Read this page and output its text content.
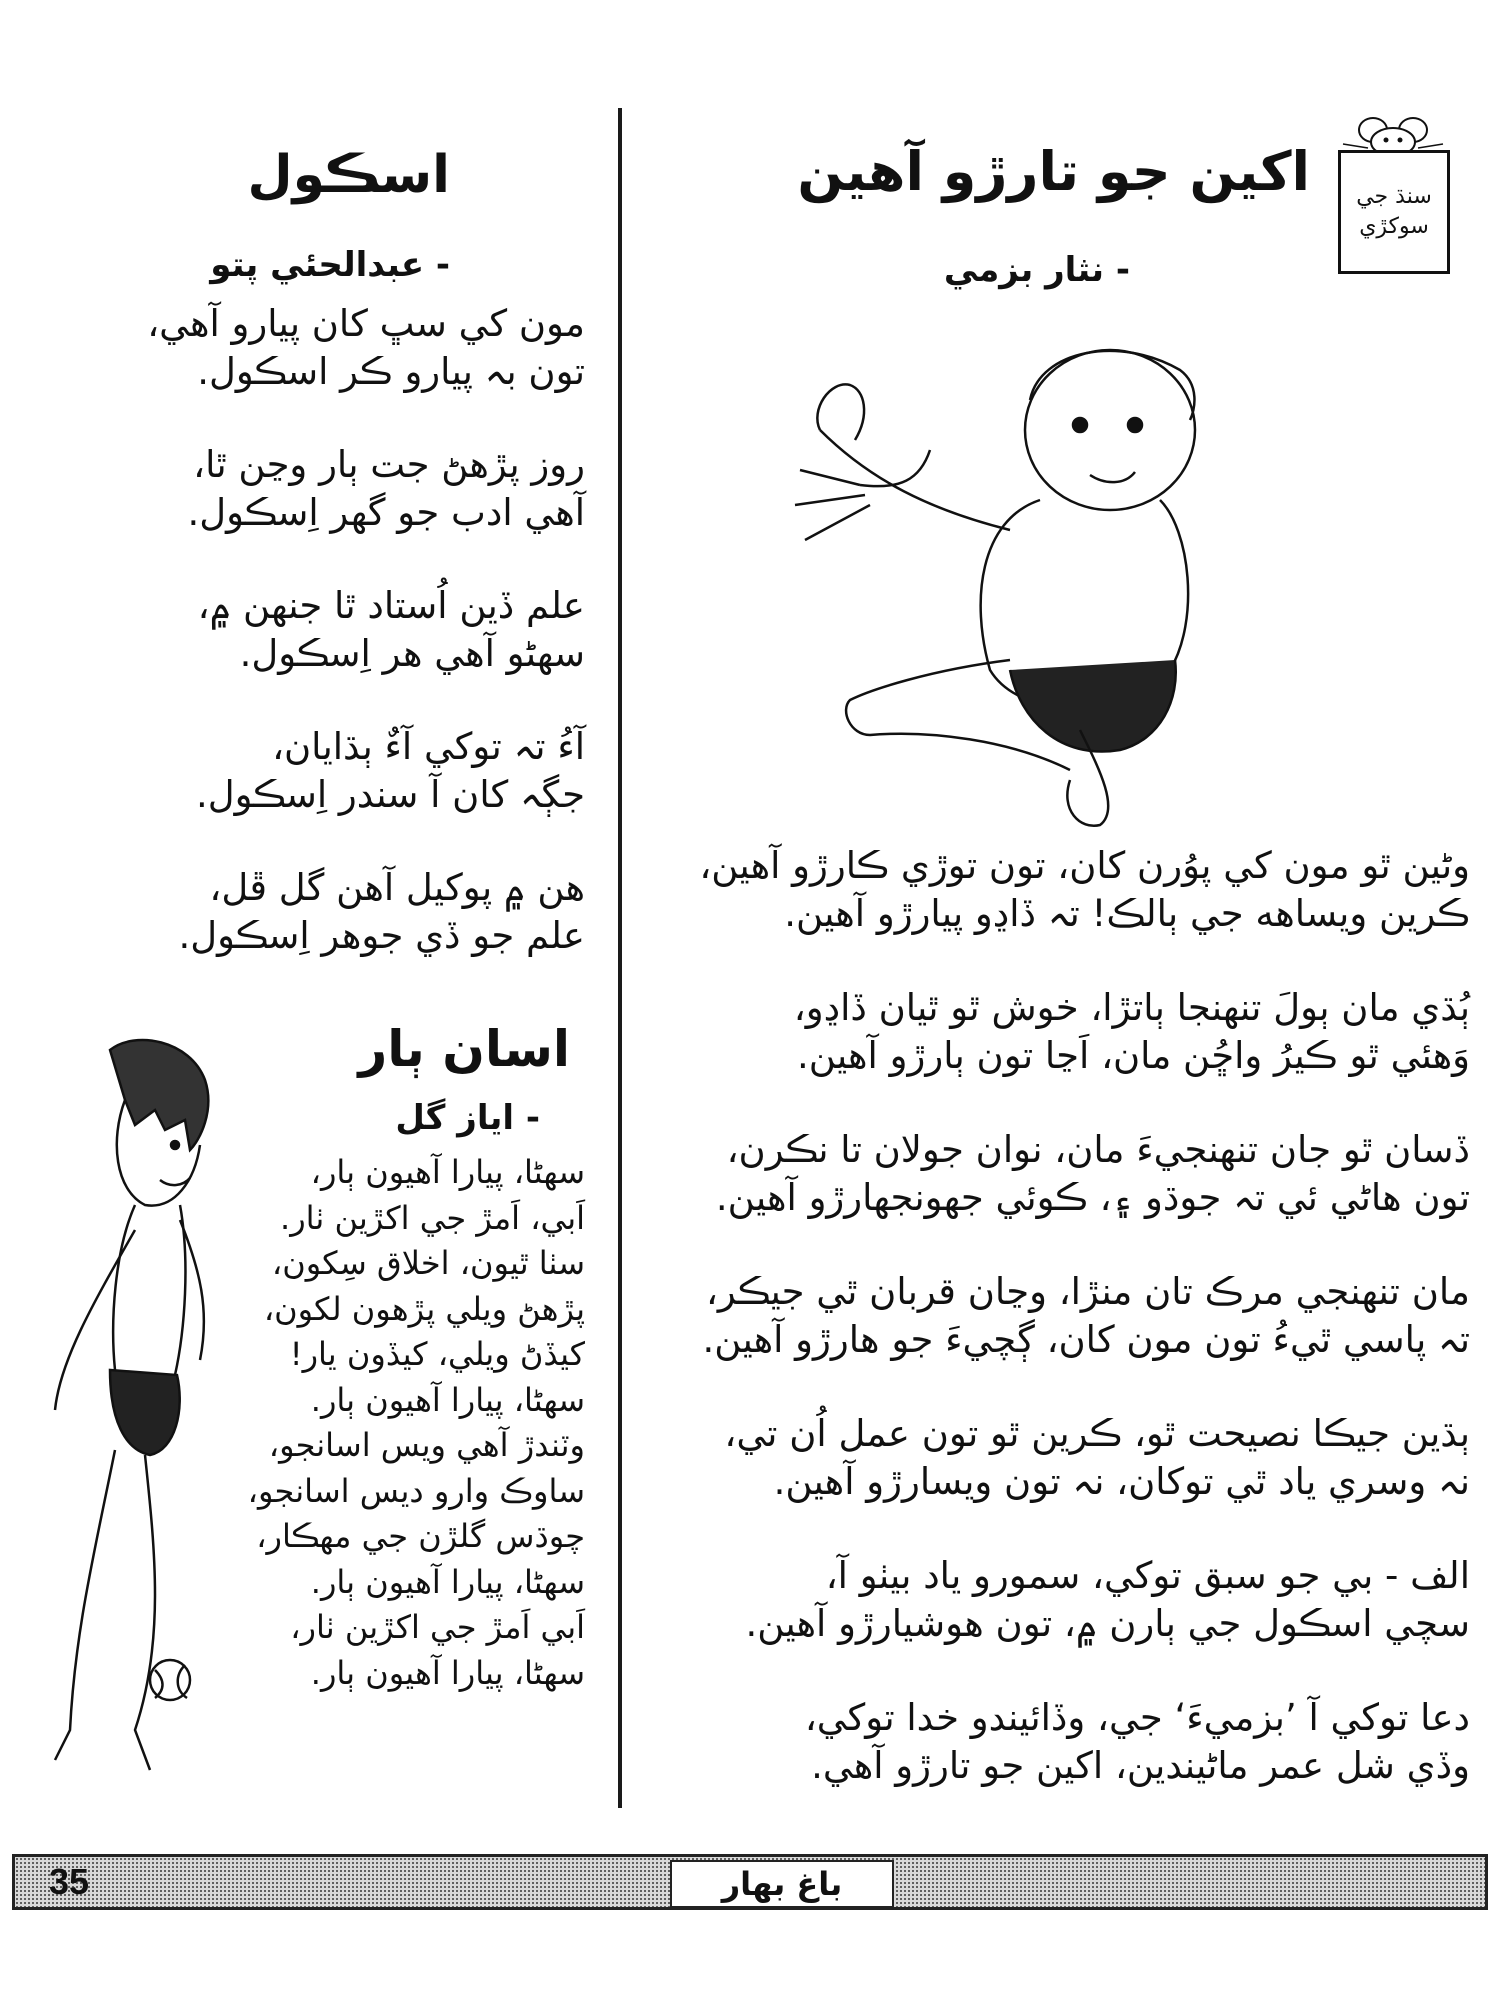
سنڌ جي
سوکڙي
اکين جو تارڙو آهين
- نثار بزمي
وڻين ٿو مون کي پوُرن کان، تون توڙي ڪارڙو آهين،
ڪرين ويساهه جي ٻالڪ! تہ ڏاڍو پيارڙو آهين.
ٻُڌي مان ٻولَ تنهنجا ٻاتڙا، خوش ٿو ٿيان ڏاڍو،
وَهئي ٿو ڪيرُ واڇُن مان، اَڃا تون ٻارڙو آهين.
ڏسان ٿو جان تنهنجيءَ مان، نوان جولان تا نڪرن،
تون هاڻي ئي تہ جوڌو ۽، ڪوئي جهونجهارڙو آهين.
مان تنهنجي مرڪ تان منڙا، وڃان قربان ٿي جيڪر،
تہ پاسي ٿيءُ تون مون کان، ڳچيءَ جو هارڙو آهين.
ٻڌين جيڪا نصيحت ٿو، ڪرين ٿو تون عمل اُن تي،
نہ وسري ياد ٿي توکان، نہ تون ويسارڙو آهين.
الف - بي جو سبق توکي، سمورو ياد بيٺو آ،
سچي اسڪول جي ٻارن ۾، تون هوشيارڙو آهين.
دعا توکي آ ’بزميءَ‘ جي، وڏائيندو خدا توکي،
وڏي شل عمر ماڻيندين، اکين جو تارڙو آهي.
اسڪول
- عبدالحئي پتو
مون کي سڀ کان پيارو آهي،
تون بہ پيارو ڪر اسڪول.
روز پڙهڻ جت ٻار وڃن ٿا،
آهي ادب جو گهر اِسڪول.
علم ڏين اُستاد ٿا جنهن ۾،
سهڻو آهي هر اِسڪول.
آءُ تہ توکي آءٌ ٻڌايان،
جڳہ کان آ سندر اِسڪول.
هن ۾ پوکيل آهن گل ڦل،
علم جو ڏي جوهر اِسڪول.
اسان ٻار
- اياز گل
سهڻا، پيارا آهيون ٻار،
اَبي، اَمڙ جي اکڙين ٺار.
سٺا ٿيون، اخلاق سِکون،
پڙهڻ ويلي پڙهون لکون،
کيڏڻ ويلي، کيڏون يار!
سهڻا، پيارا آهيون ٻار.
وٽندڙ آهي ويس اسانجو،
ساوڪ وارو ديس اسانجو،
چوڌس گلڙن جي مهڪار،
سهڻا، پيارا آهيون ٻار.
اَبي اَمڙ جي اکڙين ٺار،
سهڻا، پيارا آهيون ٻار.
35	باغ بهار
